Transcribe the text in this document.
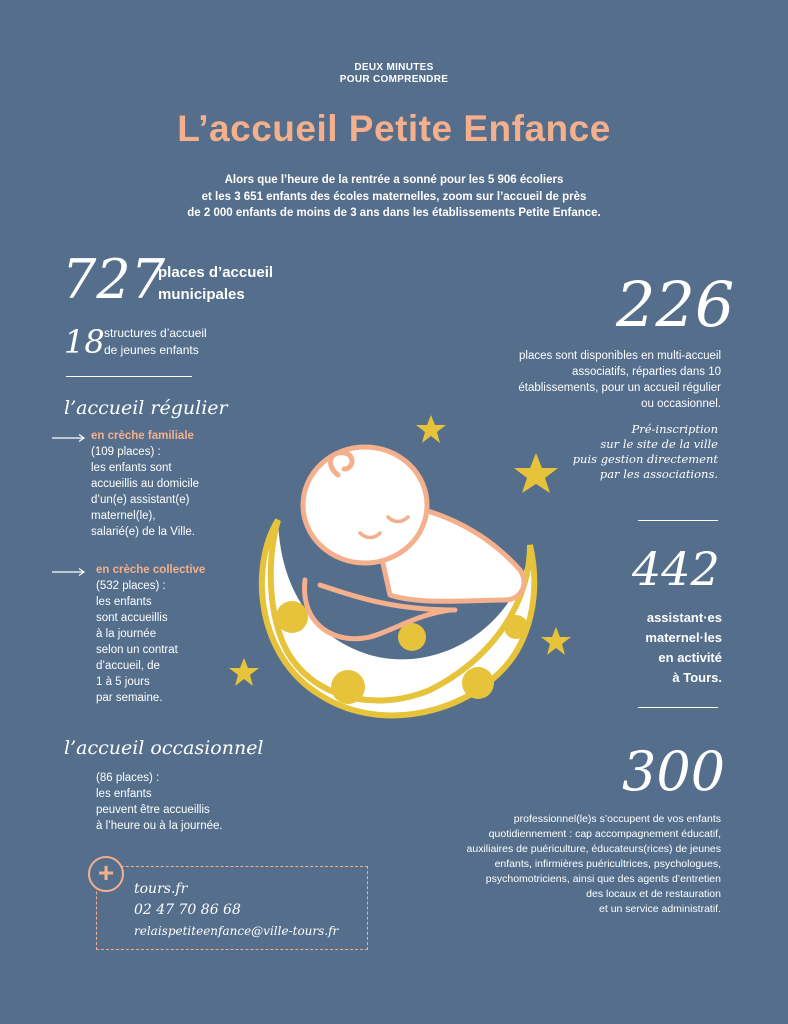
DEUX MINUTES
POUR COMPRENDRE
L’accueil Petite Enfance
Alors que l’heure de la rentrée a sonné pour les 5 906 écoliers
et les 3 651 enfants des écoles maternelles, zoom sur l’accueil de près
de 2 000 enfants de moins de 3 ans dans les établissements Petite Enfance.
727
places d’accueil
municipales
18 structures d’accueil
de jeunes enfants
l’accueil régulier
en crèche familiale
(109 places) :
les enfants sont
accueillis au domicile
d’un(e) assistant(e)
maternel(le),
salarié(e) de la Ville.
en crèche collective
(532 places) :
les enfants
sont accueillis
à la journée
selon un contrat
d’accueil, de
1 à 5 jours
par semaine.
l’accueil occasionnel
(86 places) :
les enfants
peuvent être accueillis
à l’heure ou à la journée.
+
tours.fr
02 47 70 86 68
relaispetiteenfance@ville-tours.fr
226
places sont disponibles en multi-accueil
associatifs, réparties dans 10
établissements, pour un accueil régulier
ou occasionnel.
Pré-inscription
sur le site de la ville
puis gestion directement
par les associations.
442
assistant·es
maternel·les
en activité
à Tours.
300
professionnel(le)s s’occupent de vos enfants
quotidiennement : cap accompagnement éducatif,
auxiliaires de puériculture, éducateurs(rices) de jeunes
enfants, infirmières puéricultrices, psychologues,
psychomotriciens, ainsi que des agents d’entretien
des locaux et de restauration
et un service administratif.
